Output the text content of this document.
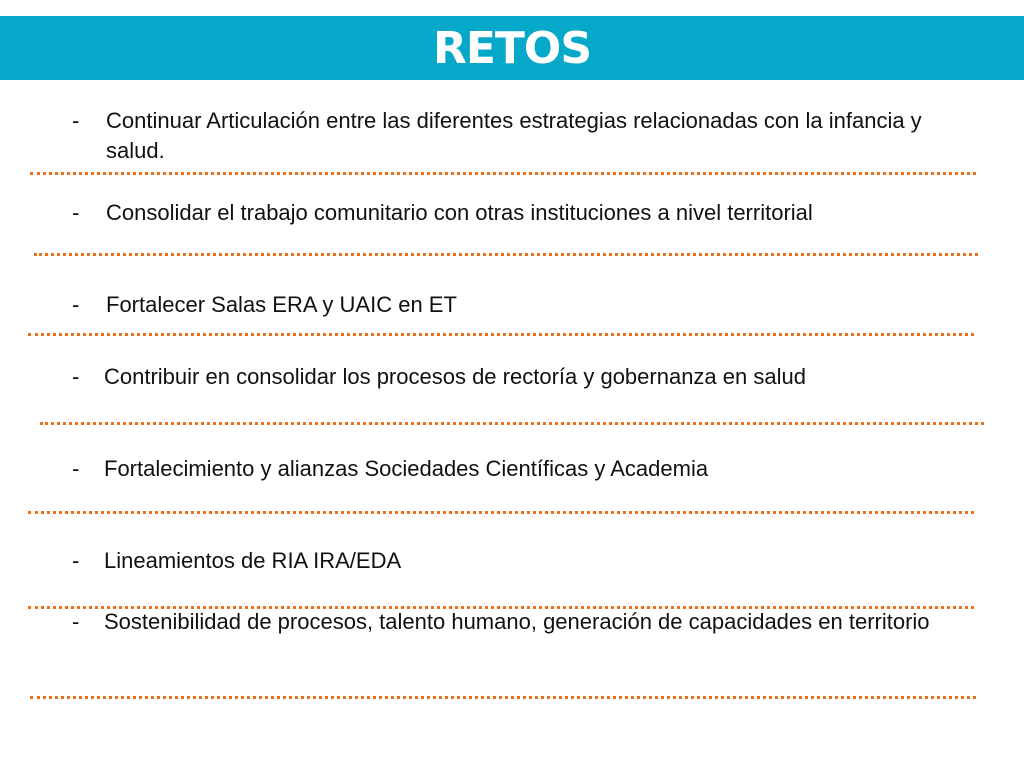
RETOS
- Continuar Articulación entre las diferentes estrategias relacionadas con la infancia y salud.
- Consolidar el trabajo comunitario con otras instituciones a nivel territorial
- Fortalecer Salas ERA y UAIC en ET
- Contribuir en consolidar los procesos de rectoría y gobernanza en salud
- Fortalecimiento y alianzas Sociedades Científicas y Academia
- Lineamientos de RIA IRA/EDA
- Sostenibilidad de procesos, talento humano, generación de capacidades en territorio
